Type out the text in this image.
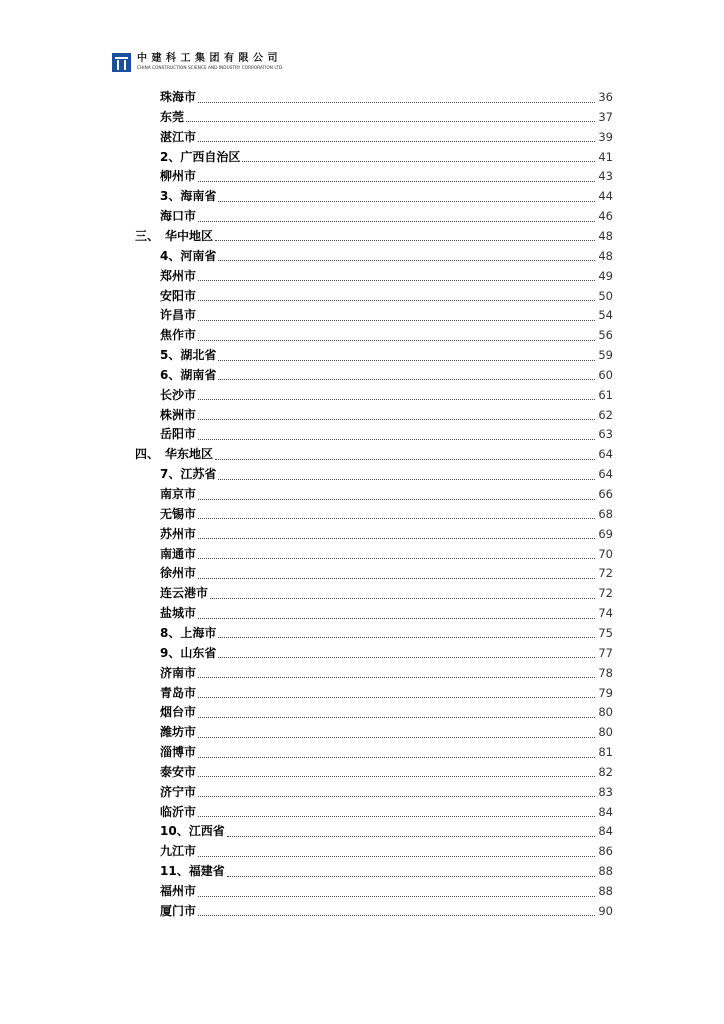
中建科工集团有限公司
CHINA CONSTRUCTION SCIENCE AND INDUSTRY CORPORATION LTD.
珠海市	36
东莞	37
湛江市	39
2、广西自治区	41
柳州市	43
3、海南省	44
海口市	46
三、 华中地区	48
4、河南省	48
郑州市	49
安阳市	50
许昌市	54
焦作市	56
5、湖北省	59
6、湖南省	60
长沙市	61
株洲市	62
岳阳市	63
四、 华东地区	64
7、江苏省	64
南京市	66
无锡市	68
苏州市	69
南通市	70
徐州市	72
连云港市	72
盐城市	74
8、上海市	75
9、山东省	77
济南市	78
青岛市	79
烟台市	80
潍坊市	80
淄博市	81
泰安市	82
济宁市	83
临沂市	84
10、江西省	84
九江市	86
11、福建省	88
福州市	88
厦门市	90
